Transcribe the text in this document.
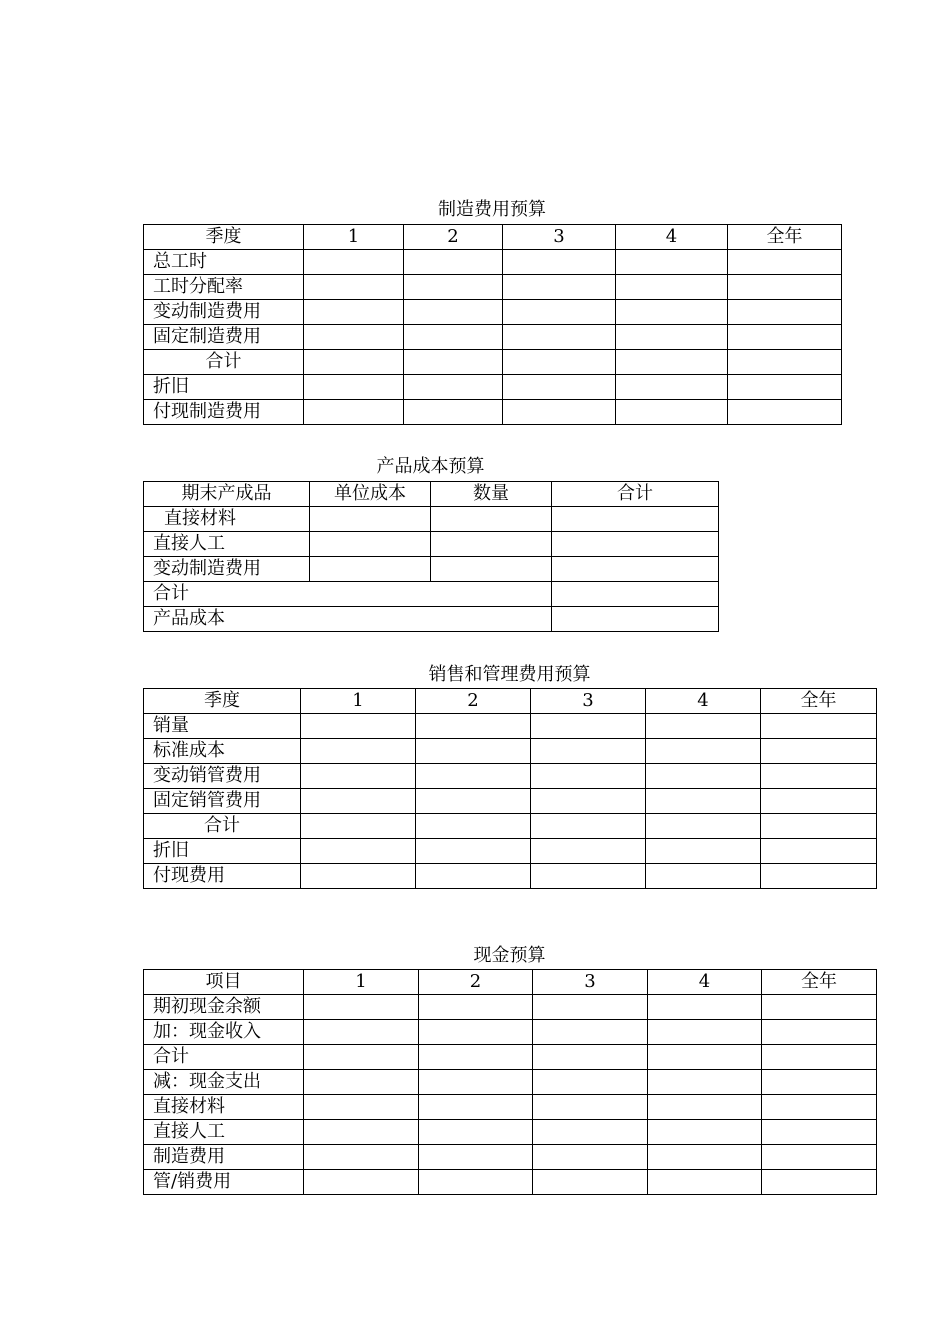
制造费用预算
季度	1	2	3	4	全年
总工时					
工时分配率					
变动制造费用					
固定制造费用					
合计					
折旧					
付现制造费用					
产品成本预算
期末产成品	单位成本	数量	合计
直接材料			
直接人工			
变动制造费用			
合计			
产品成本			
销售和管理费用预算
季度	1	2	3	4	全年
销量					
标准成本					
变动销管费用					
固定销管费用					
合计					
折旧					
付现费用					
现金预算
项目	1	2	3	4	全年
期初现金余额					
加：现金收入					
合计					
减：现金支出					
直接材料					
直接人工					
制造费用					
管/销费用					
